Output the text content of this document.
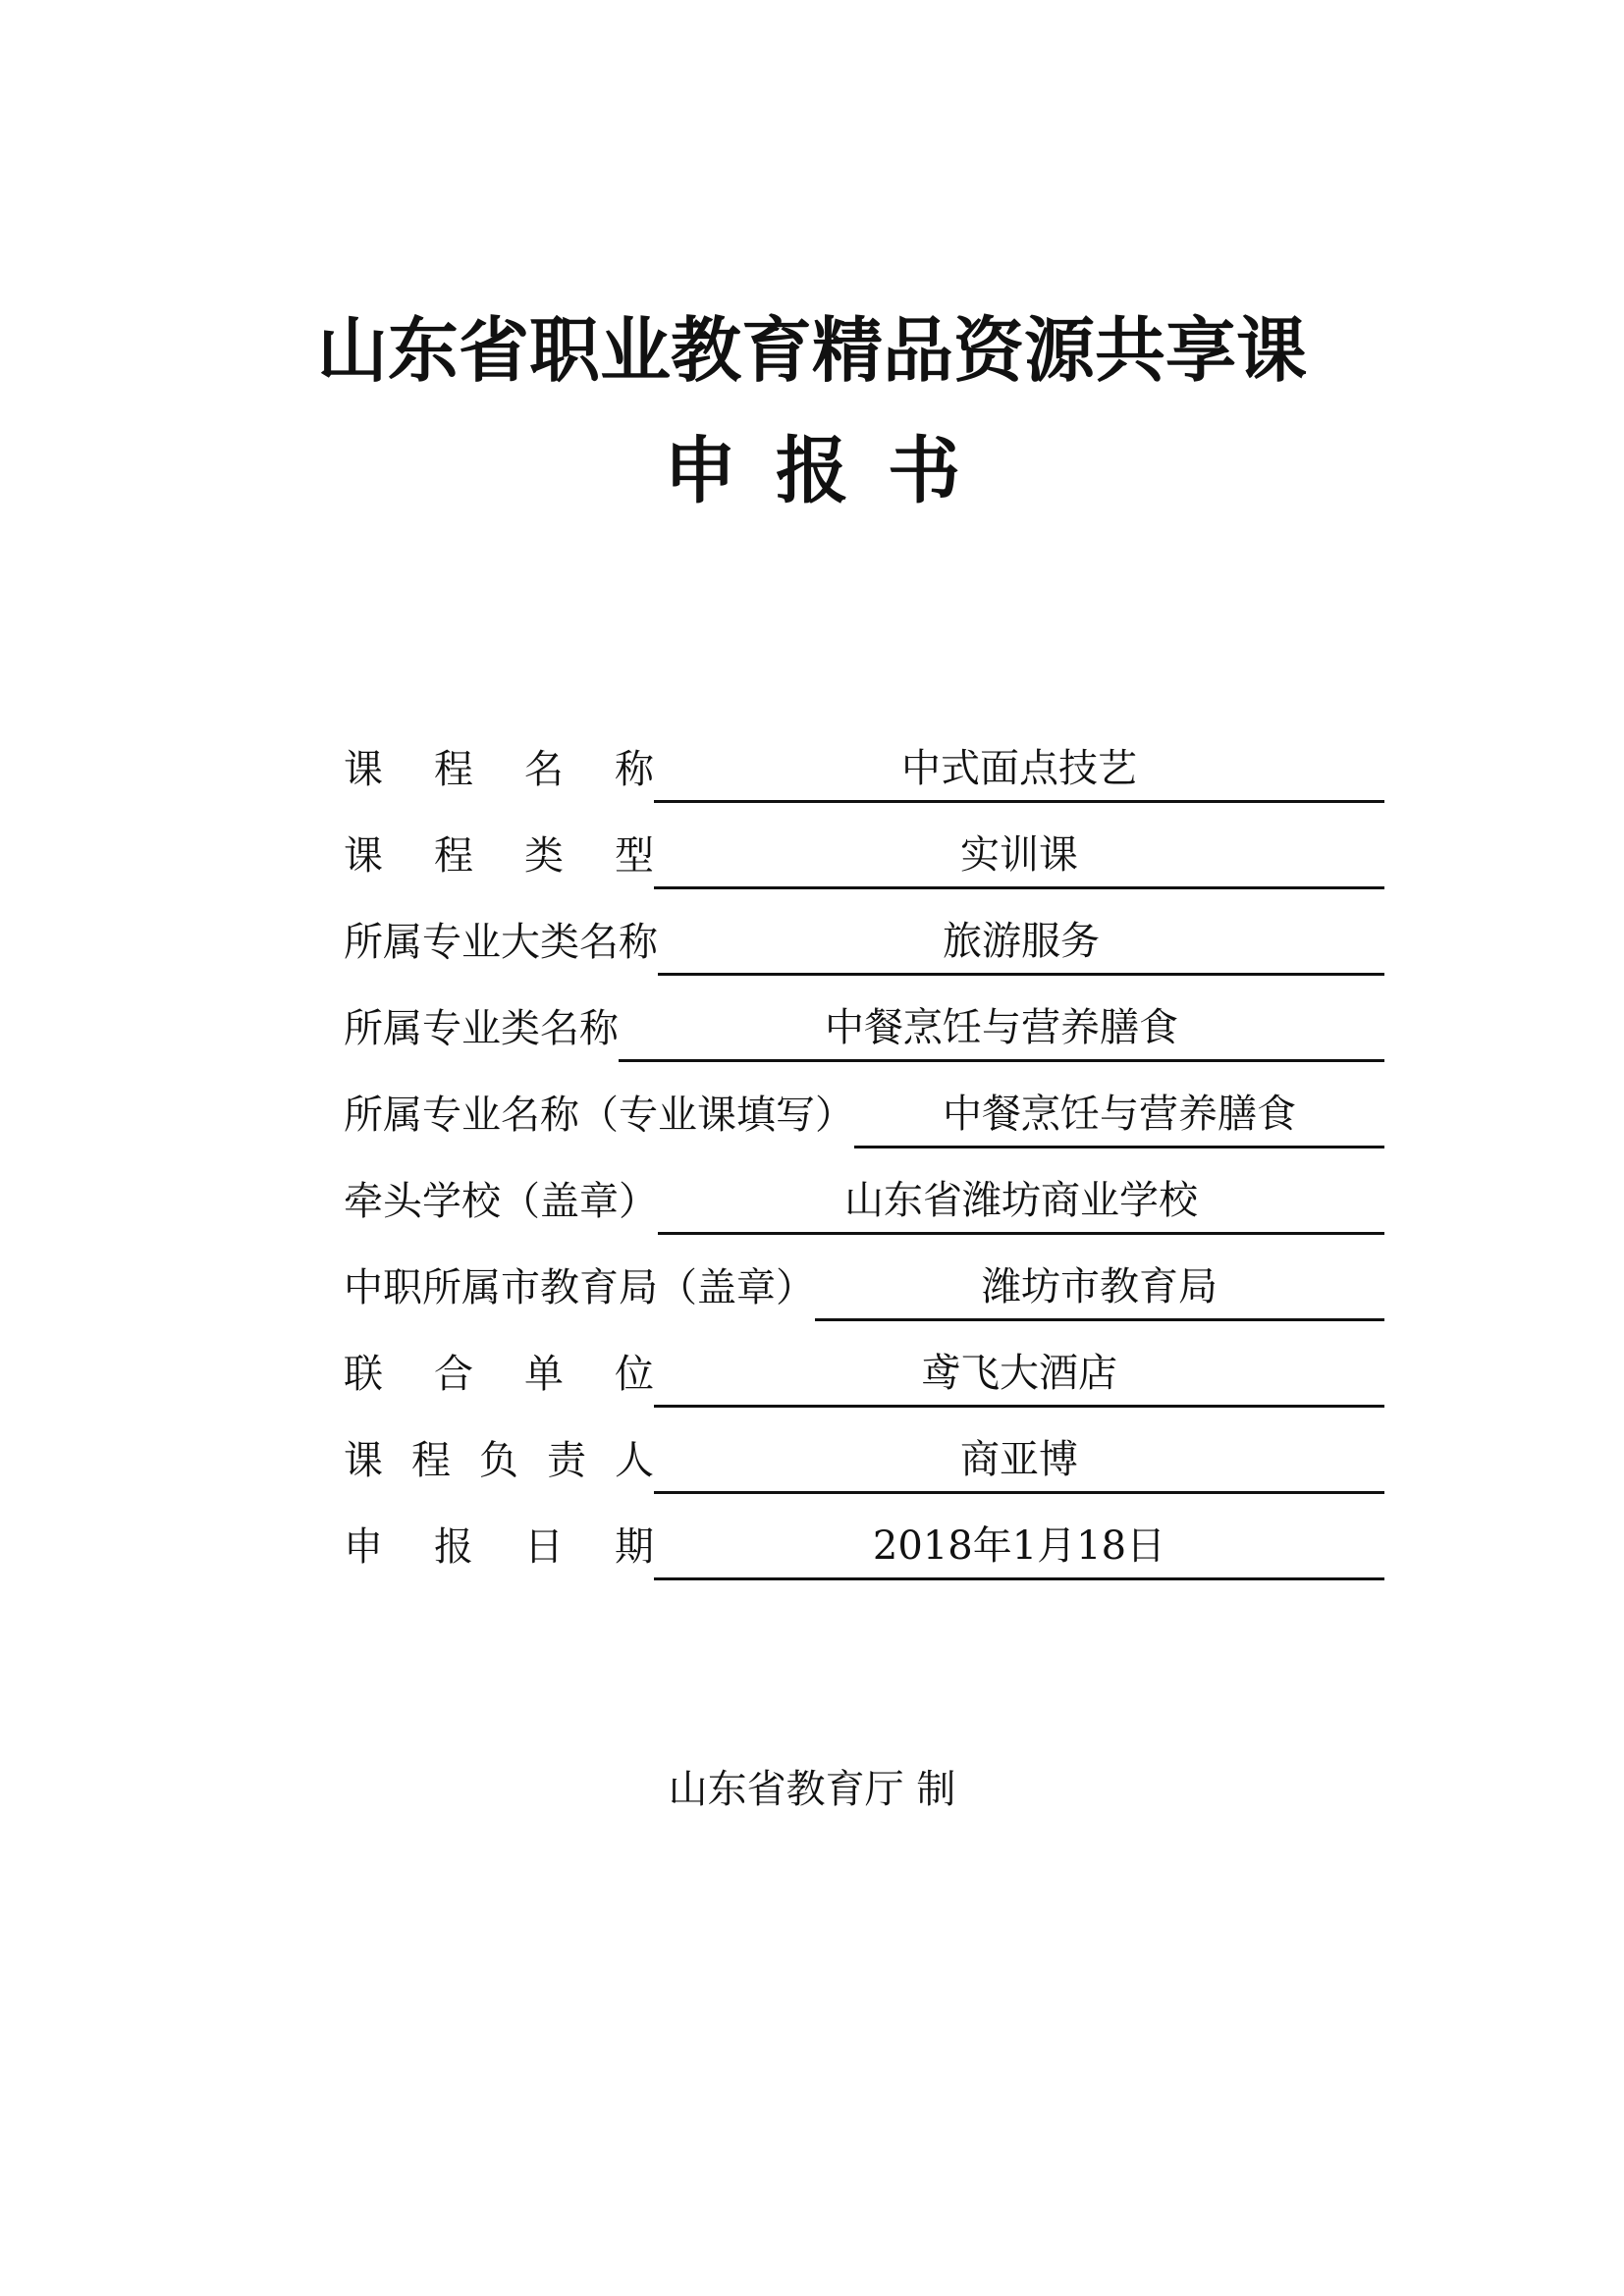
山东省职业教育精品资源共享课
申报书
课 程 名 称	中式面点技艺
课 程 类 型	实训课
所属专业大类名称	旅游服务
所属专业类名称	中餐烹饪与营养膳食
所属专业名称（专业课填写）	中餐烹饪与营养膳食
牵头学校（盖章）	山东省潍坊商业学校
中职所属市教育局（盖章）	潍坊市教育局
联 合 单 位	鸢飞大酒店
课 程 负 责 人	商亚博
申 报 日 期	2018年1月18日
山东省教育厅 制
